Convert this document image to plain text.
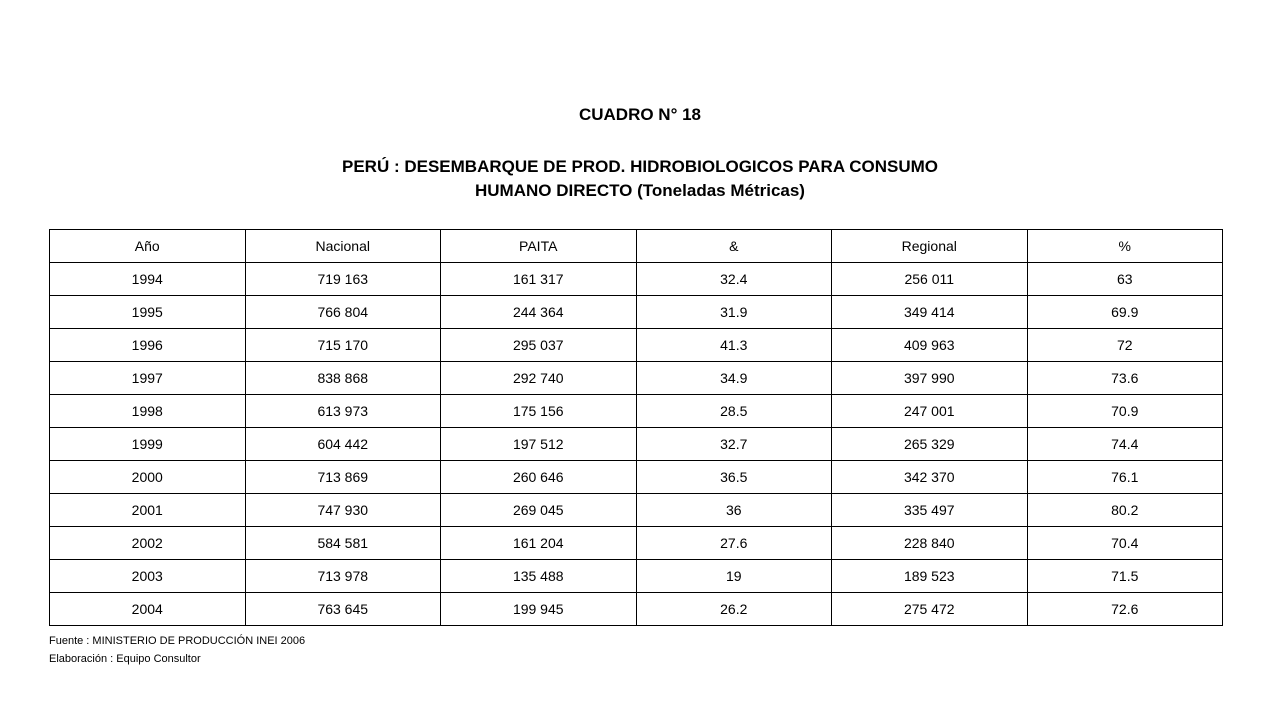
CUADRO N° 18
PERÚ : DESEMBARQUE DE PROD. HIDROBIOLOGICOS PARA CONSUMO
HUMANO DIRECTO (Toneladas Métricas)
Año	Nacional	PAITA	&	Regional	%
1994	719 163	161 317	32.4	256 011	63
1995	766 804	244 364	31.9	349 414	69.9
1996	715 170	295 037	41.3	409 963	72
1997	838 868	292 740	34.9	397 990	73.6
1998	613 973	175 156	28.5	247 001	70.9
1999	604 442	197 512	32.7	265 329	74.4
2000	713 869	260 646	36.5	342 370	76.1
2001	747 930	269 045	36	335 497	80.2
2002	584 581	161 204	27.6	228 840	70.4
2003	713 978	135 488	19	189 523	71.5
2004	763 645	199 945	26.2	275 472	72.6
Fuente : MINISTERIO DE PRODUCCIÓN INEI 2006
Elaboración : Equipo Consultor
